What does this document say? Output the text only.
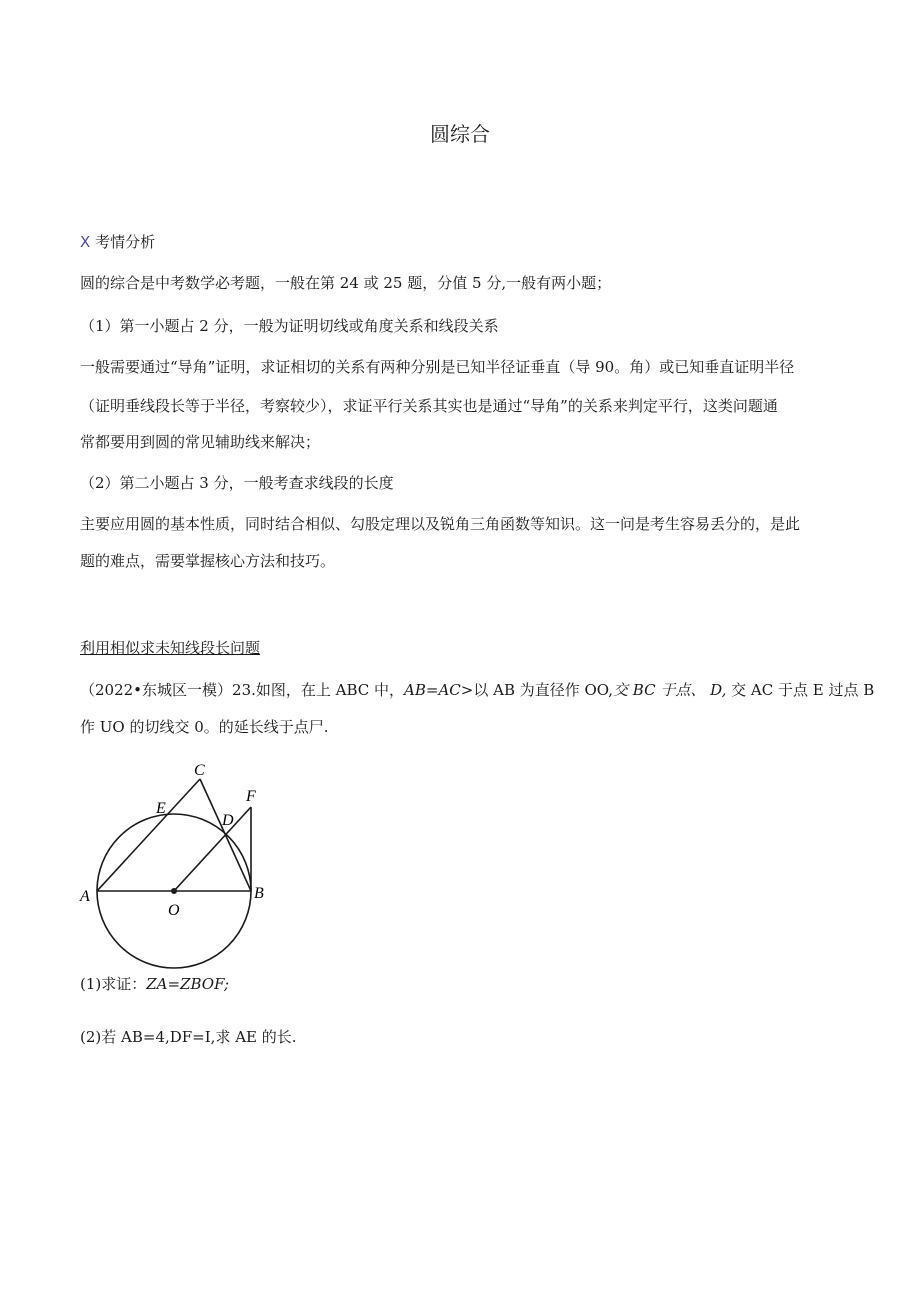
圆综合
X 考情分析
圆的综合是中考数学必考题，一般在第 24 或 25 题，分值 5 分,一般有两小题；
（1）第一小题占 2 分，一般为证明切线或角度关系和线段关系
一般需要通过“导角”证明，求证相切的关系有两种分别是已知半径证垂直（导 90。角）或已知垂直证明半径
（证明垂线段长等于半径，考察较少），求证平行关系其实也是通过“导角”的关系来判定平行，这类问题通
常都要用到圆的常见辅助线来解决；
（2）第二小题占 3 分，一般考查求线段的长度
主要应用圆的基本性质，同时结合相似、勾股定理以及锐角三角函数等知识。这一问是考生容易丢分的，是此
题的难点，需要掌握核心方法和技巧。
利用相似求未知线段长问题
（2022•东城区一模）23.如图，在上 ABC 中，AB=AC>以 AB 为直径作 OO,交 BC 于点、 D, 交 AC 于点 E 过点 B
作 UO 的切线交 0。的延长线于点尸.
A	B
C
D
E
F
O
(1)求证：ZA=ZBOF;
(2)若 AB=4,DF=I,求 AE 的长.
